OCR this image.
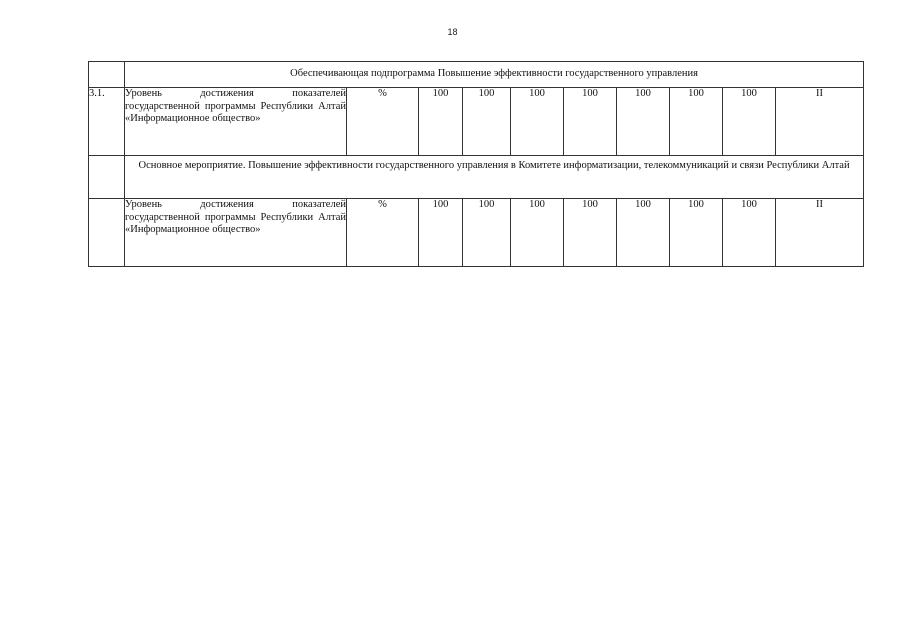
18
	Обеспечивающая подпрограмма Повышение эффективности государственного управления									
3.1.	Уровень достижения показателей государственной программы Республики Алтай «Информационное общество»	%	100	100	100	100	100	100	100	II
	Основное мероприятие. Повышение эффективности государственного управления в Комитете информатизации, телекоммуникаций и связи Республики Алтай									
	Уровень достижения показателей государственной программы Республики Алтай «Информационное общество»	%	100	100	100	100	100	100	100	II
